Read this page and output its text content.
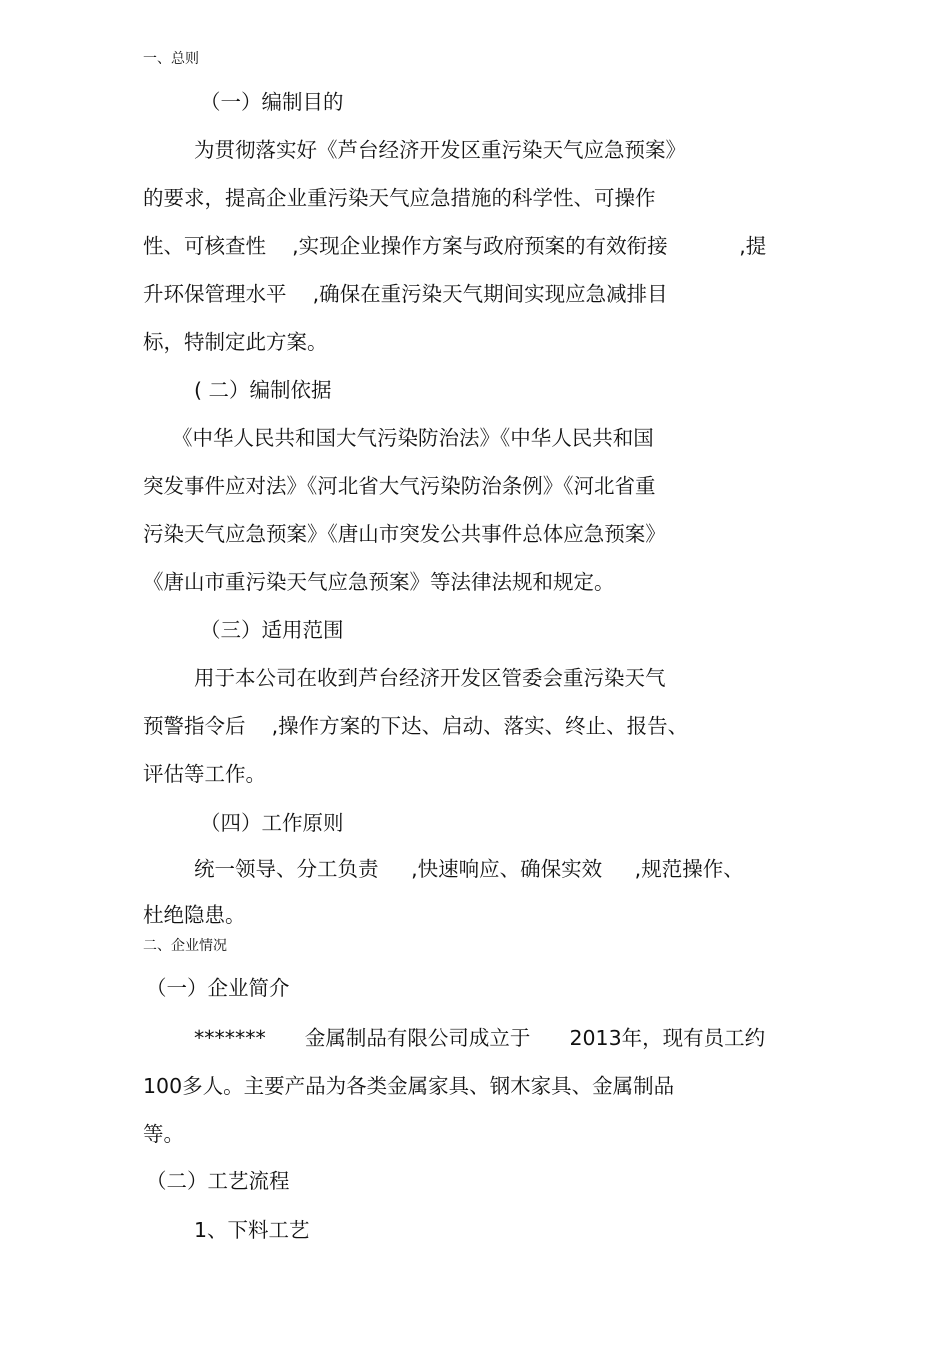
一、总则
（一）编制目的
为贯彻落实好《芦台经济开发区重污染天气应急预案》
的要求，提高企业重污染天气应急措施的科学性、可操作
性、可核查性    ,实现企业操作方案与政府预案的有效衔接           ,提
升环保管理水平    ,确保在重污染天气期间实现应急减排目
标，特制定此方案。
( 二）编制依据
《中华人民共和国大气污染防治法》《中华人民共和国
突发事件应对法》《河北省大气污染防治条例》《河北省重
污染天气应急预案》《唐山市突发公共事件总体应急预案》
《唐山市重污染天气应急预案》等法律法规和规定。
（三）适用范围
用于本公司在收到芦台经济开发区管委会重污染天气
预警指令后    ,操作方案的下达、启动、落实、终止、报告、
评估等工作。
（四）工作原则
统一领导、分工负责     ,快速响应、确保实效     ,规范操作、
杜绝隐患。
二、企业情况
（一）企业简介
*******      金属制品有限公司成立于      2013年，现有员工约
100多人。主要产品为各类金属家具、钢木家具、金属制品
等。
（二）工艺流程
1、下料工艺
